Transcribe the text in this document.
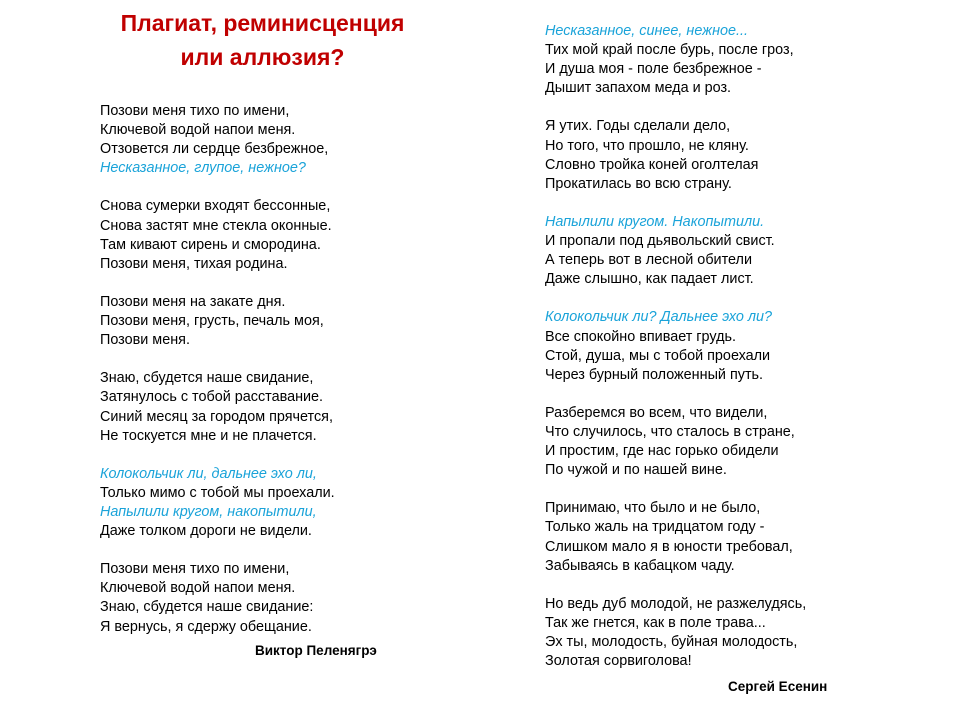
Плагиат, реминисценция
или аллюзия?
Позови меня тихо по имени,
Ключевой водой напои меня.
Отзовется ли сердце безбрежное,
Несказанное, глупое, нежное?
Снова сумерки входят бессонные,
Снова застят мне стекла оконные.
Там кивают сирень и смородина.
Позови меня, тихая родина.
Позови меня на закате дня.
Позови меня, грусть, печаль моя,
Позови меня.
Знаю, сбудется наше свидание,
Затянулось с тобой расставание.
Синий месяц за городом прячется,
Не тоскуется мне и не плачется.
Колокольчик ли, дальнее эхо ли,
Только мимо с тобой мы проехали.
Напылили кругом, накопытили,
Даже толком дороги не видели.
Позови меня тихо по имени,
Ключевой водой напои меня.
Знаю, сбудется наше свидание:
Я вернусь, я сдержу обещание.
Виктор Пеленягрэ
Несказанное, синее, нежное...
Тих мой край после бурь, после гроз,
И душа моя - поле безбрежное -
Дышит запахом меда и роз.
Я утих. Годы сделали дело,
Но того, что прошло, не кляну.
Словно тройка коней оголтелая
Прокатилась во всю страну.
Напылили кругом. Накопытили.
И пропали под дьявольский свист.
А теперь вот в лесной обители
Даже слышно, как падает лист.
Колокольчик ли? Дальнее эхо ли?
Все спокойно впивает грудь.
Стой, душа, мы с тобой проехали
Через бурный положенный путь.
Разберемся во всем, что видели,
Что случилось, что сталось в стране,
И простим, где нас горько обидели
По чужой и по нашей вине.
Принимаю, что было и не было,
Только жаль на тридцатом году -
Слишком мало я в юности требовал,
Забываясь в кабацком чаду.
Но ведь дуб молодой, не разжелудясь,
Так же гнется, как в поле трава...
Эх ты, молодость, буйная молодость,
Золотая сорвиголова!
Сергей Есенин
